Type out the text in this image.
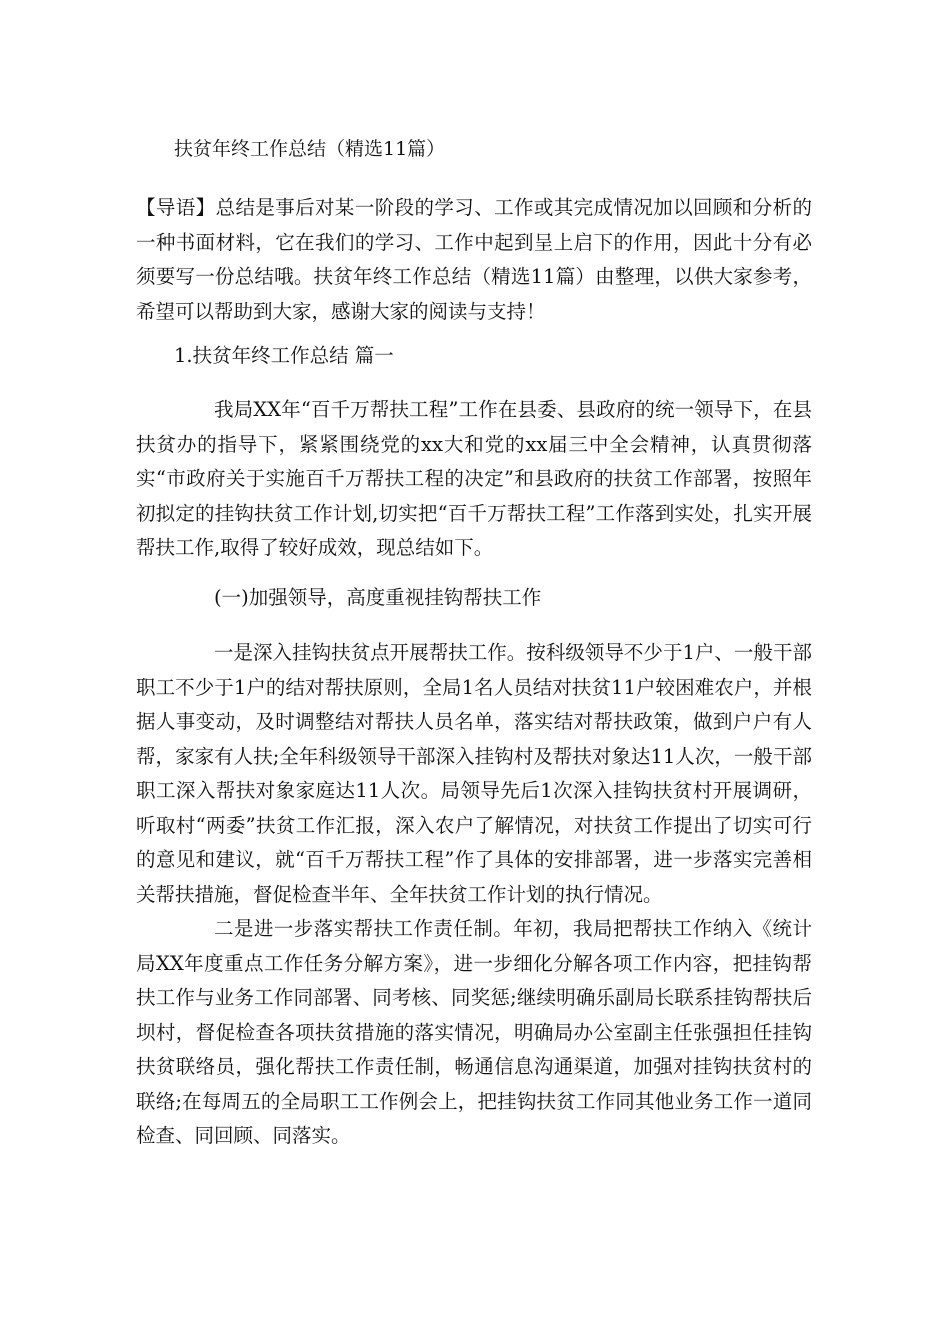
扶贫年终工作总结（精选11篇）

【导语】总结是事后对某一阶段的学习、工作或其完成情况加以回顾和分析的一种书面材料，它在我们的学习、工作中起到呈上启下的作用，因此十分有必须要写一份总结哦。扶贫年终工作总结（精选11篇）由整理，以供大家参考，希望可以帮助到大家，感谢大家的阅读与支持！

1.扶贫年终工作总结 篇一

我局XX年“百千万帮扶工程”工作在县委、县政府的统一领导下，在县扶贫办的指导下，紧紧围绕党的xx大和党的xx届三中全会精神，认真贯彻落实“市政府关于实施百千万帮扶工程的决定”和县政府的扶贫工作部署，按照年初拟定的挂钩扶贫工作计划,切实把“百千万帮扶工程”工作落到实处，扎实开展帮扶工作,取得了较好成效，现总结如下。

(一)加强领导，高度重视挂钩帮扶工作

一是深入挂钩扶贫点开展帮扶工作。按科级领导不少于1户、一般干部职工不少于1户的结对帮扶原则，全局1名人员结对扶贫11户较困难农户，并根据人事变动，及时调整结对帮扶人员名单，落实结对帮扶政策，做到户户有人帮，家家有人扶;全年科级领导干部深入挂钩村及帮扶对象达11人次，一般干部职工深入帮扶对象家庭达11人次。局领导先后1次深入挂钩扶贫村开展调研，听取村“两委”扶贫工作汇报，深入农户了解情况，对扶贫工作提出了切实可行的意见和建议，就“百千万帮扶工程”作了具体的安排部署，进一步落实完善相关帮扶措施，督促检查半年、全年扶贫工作计划的执行情况。

二是进一步落实帮扶工作责任制。年初，我局把帮扶工作纳入《统计局XX年度重点工作任务分解方案》，进一步细化分解各项工作内容，把挂钩帮扶工作与业务工作同部署、同考核、同奖惩;继续明确乐副局长联系挂钩帮扶后坝村，督促检查各项扶贫措施的落实情况，明确局办公室副主任张强担任挂钩扶贫联络员，强化帮扶工作责任制，畅通信息沟通渠道，加强对挂钩扶贫村的联络;在每周五的全局职工工作例会上，把挂钩扶贫工作同其他业务工作一道同检查、同回顾、同落实。
